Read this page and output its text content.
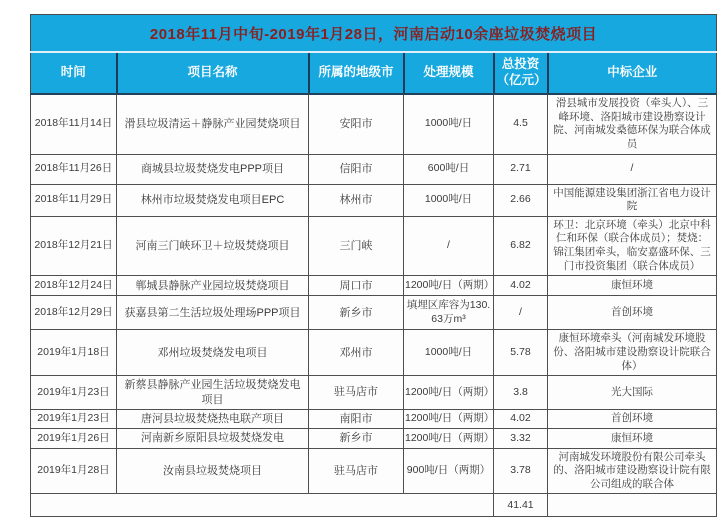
2018年11月中旬-2019年1月28日，河南启动10余座垃圾焚烧项目					
时间	项目名称	所属的地级市	处理规模	总投资（亿元）	中标企业
2018年11月14日	滑县垃圾清运＋静脉产业园焚烧项目	安阳市	1000吨/日	4.5	滑县城市发展投资（牵头人）、三峰环境、洛阳城市建设勘察设计院、河南城发桑德环保为联合体成员
2018年11月26日	商城县垃圾焚烧发电PPP项目	信阳市	600吨/日	2.71	/
2018年11月29日	林州市垃圾焚烧发电项目EPC	林州市	1000吨/日	2.66	中国能源建设集团浙江省电力设计院
2018年12月21日	河南三门峡环卫＋垃圾焚烧项目	三门峡	/	6.82	环卫：北京环境（牵头）北京中科仁和环保（联合体成员）；焚烧：锦江集团牵头，临安嘉盛环保、三门市投资集团（联合体成员）
2018年12月24日	郸城县静脉产业园垃圾焚烧项目	周口市	1200吨/日（两期）	4.02	康恒环境
2018年12月29日	获嘉县第二生活垃圾处理场PPP项目	新乡市	填埋区库容为130.63万m³	/	首创环境
2019年1月18日	邓州垃圾焚烧发电项目	邓州市	1000吨/日	5.78	康恒环境牵头（河南城发环境股份、洛阳城市建设勘察设计院联合体）
2019年1月23日	新蔡县静脉产业园生活垃圾焚烧发电项目	驻马店市	1200吨/日（两期）	3.8	光大国际
2019年1月23日	唐河县垃圾焚烧热电联产项目	南阳市	1200吨/日（两期）	4.02	首创环境
2019年1月26日	河南新乡原阳县垃圾焚烧发电	新乡市	1200吨/日（两期）	3.32	康恒环境
2019年1月28日	汝南县垃圾焚烧项目	驻马店市	900吨/日（两期）	3.78	河南城发环境股份有限公司牵头的、洛阳城市建设勘察设计院有限公司组成的联合体
				41.41	
